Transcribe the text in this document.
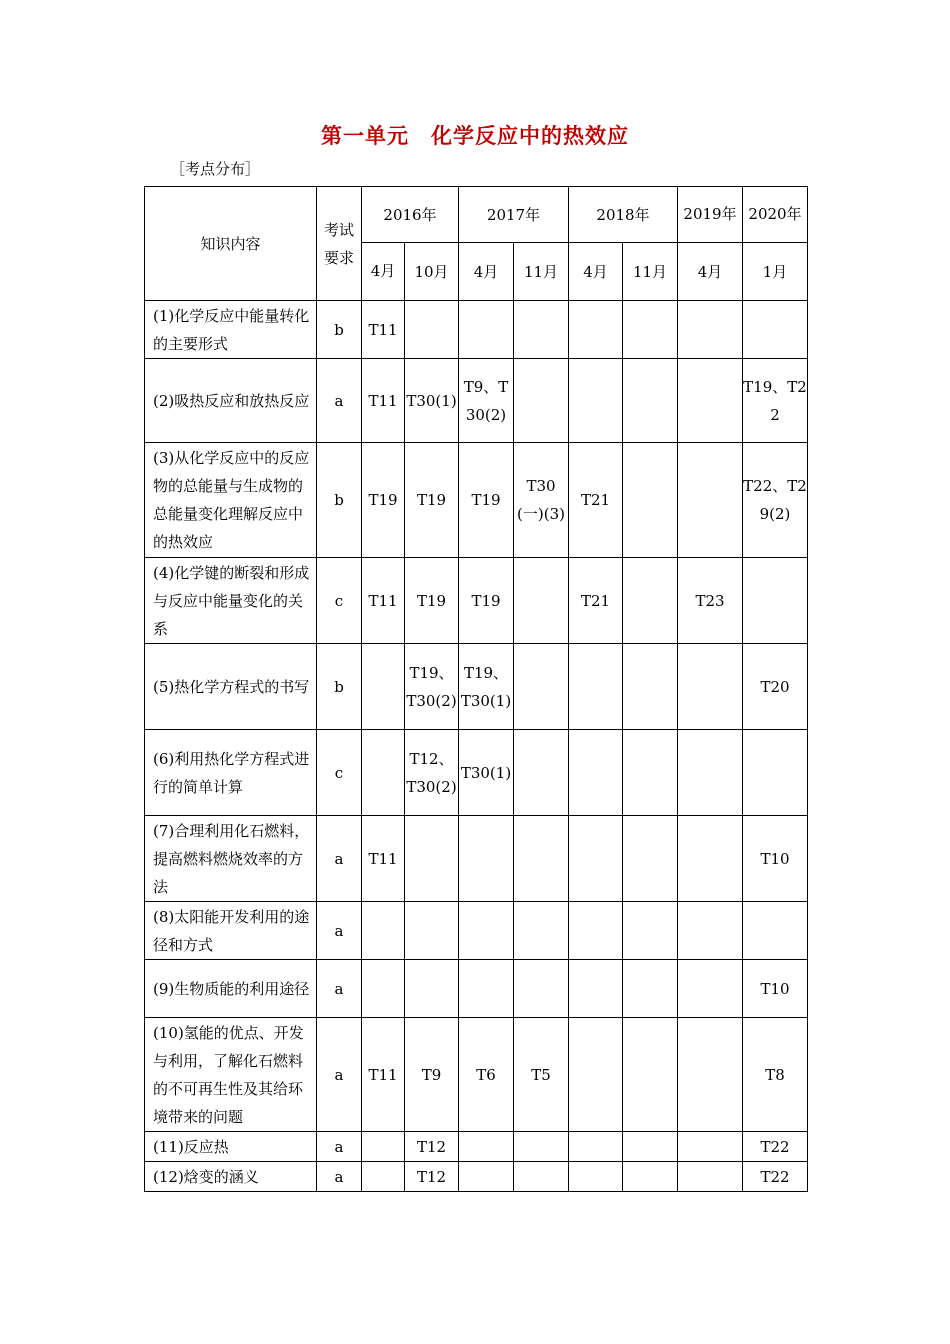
第一单元　化学反应中的热效应
［考点分布］
知识内容	考试要求	2016年		2017年		2018年		2019年	2020年
		4月	10月	4月	11月	4月	11月	4月	1月
(1)化学反应中能量转化的主要形式	b	T11							
(2)吸热反应和放热反应	a	T11	T30(1)	T9、T30(2)					T19、T22
(3)从化学反应中的反应物的总能量与生成物的总能量变化理解反应中的热效应	b	T19	T19	T19	T30(一)(3)	T21			T22、T29(2)
(4)化学键的断裂和形成与反应中能量变化的关系	c	T11	T19	T19		T21		T23	
(5)热化学方程式的书写	b		T19、T30(2)	T19、T30(1)					T20
(6)利用热化学方程式进行的简单计算	c		T12、T30(2)	T30(1)					
(7)合理利用化石燃料，提高燃料燃烧效率的方法	a	T11							T10
(8)太阳能开发利用的途径和方式	a								
(9)生物质能的利用途径	a								T10
(10)氢能的优点、开发与利用，了解化石燃料的不可再生性及其给环境带来的问题	a	T11	T9	T6	T5				T8
(11)反应热	a		T12						T22
(12)焓变的涵义	a		T12						T22
